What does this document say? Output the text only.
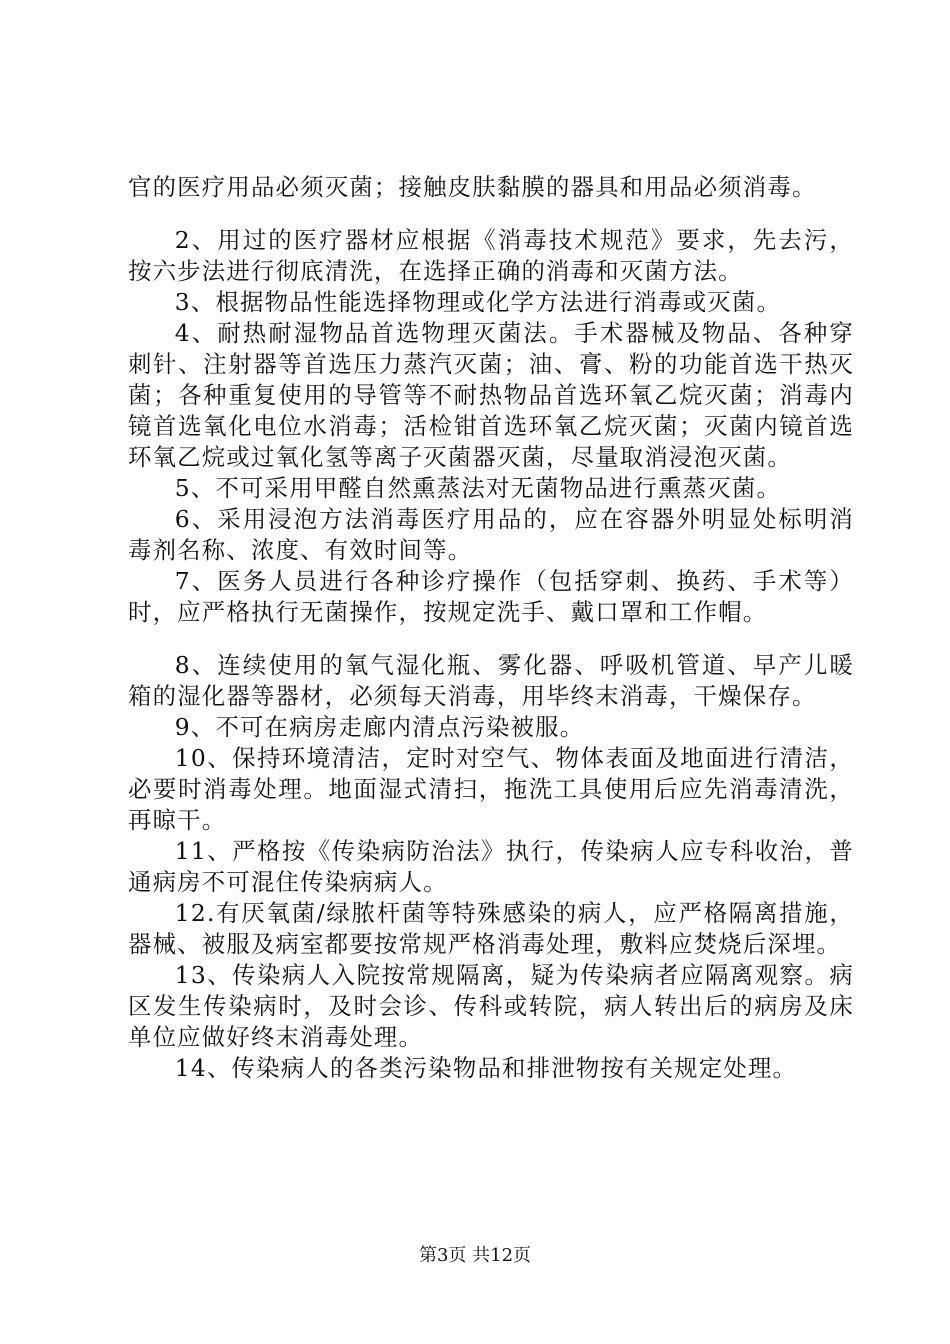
官的医疗用品必须灭菌；接触皮肤黏膜的器具和用品必须消毒。

2、用过的医疗器材应根据《消毒技术规范》要求，先去污，按六步法进行彻底清洗，在选择正确的消毒和灭菌方法。

3、根据物品性能选择物理或化学方法进行消毒或灭菌。

4、耐热耐湿物品首选物理灭菌法。手术器械及物品、各种穿刺针、注射器等首选压力蒸汽灭菌；油、膏、粉的功能首选干热灭菌；各种重复使用的导管等不耐热物品首选环氧乙烷灭菌；消毒内镜首选氧化电位水消毒；活检钳首选环氧乙烷灭菌；灭菌内镜首选环氧乙烷或过氧化氢等离子灭菌器灭菌，尽量取消浸泡灭菌。

5、不可采用甲醛自然熏蒸法对无菌物品进行熏蒸灭菌。

6、采用浸泡方法消毒医疗用品的，应在容器外明显处标明消毒剂名称、浓度、有效时间等。

7、医务人员进行各种诊疗操作（包括穿刺、换药、手术等）时，应严格执行无菌操作，按规定洗手、戴口罩和工作帽。

8、连续使用的氧气湿化瓶、雾化器、呼吸机管道、早产儿暖箱的湿化器等器材，必须每天消毒，用毕终末消毒，干燥保存。

9、不可在病房走廊内清点污染被服。

10、保持环境清洁，定时对空气、物体表面及地面进行清洁，必要时消毒处理。地面湿式清扫，拖洗工具使用后应先消毒清洗，再晾干。

11、严格按《传染病防治法》执行，传染病人应专科收治，普通病房不可混住传染病病人。

12.有厌氧菌/绿脓杆菌等特殊感染的病人，应严格隔离措施，器械、被服及病室都要按常规严格消毒处理，敷料应焚烧后深埋。

13、传染病人入院按常规隔离，疑为传染病者应隔离观察。病区发生传染病时，及时会诊、传科或转院，病人转出后的病房及床单位应做好终末消毒处理。

14、传染病人的各类污染物品和排泄物按有关规定处理。

第3页 共12页
